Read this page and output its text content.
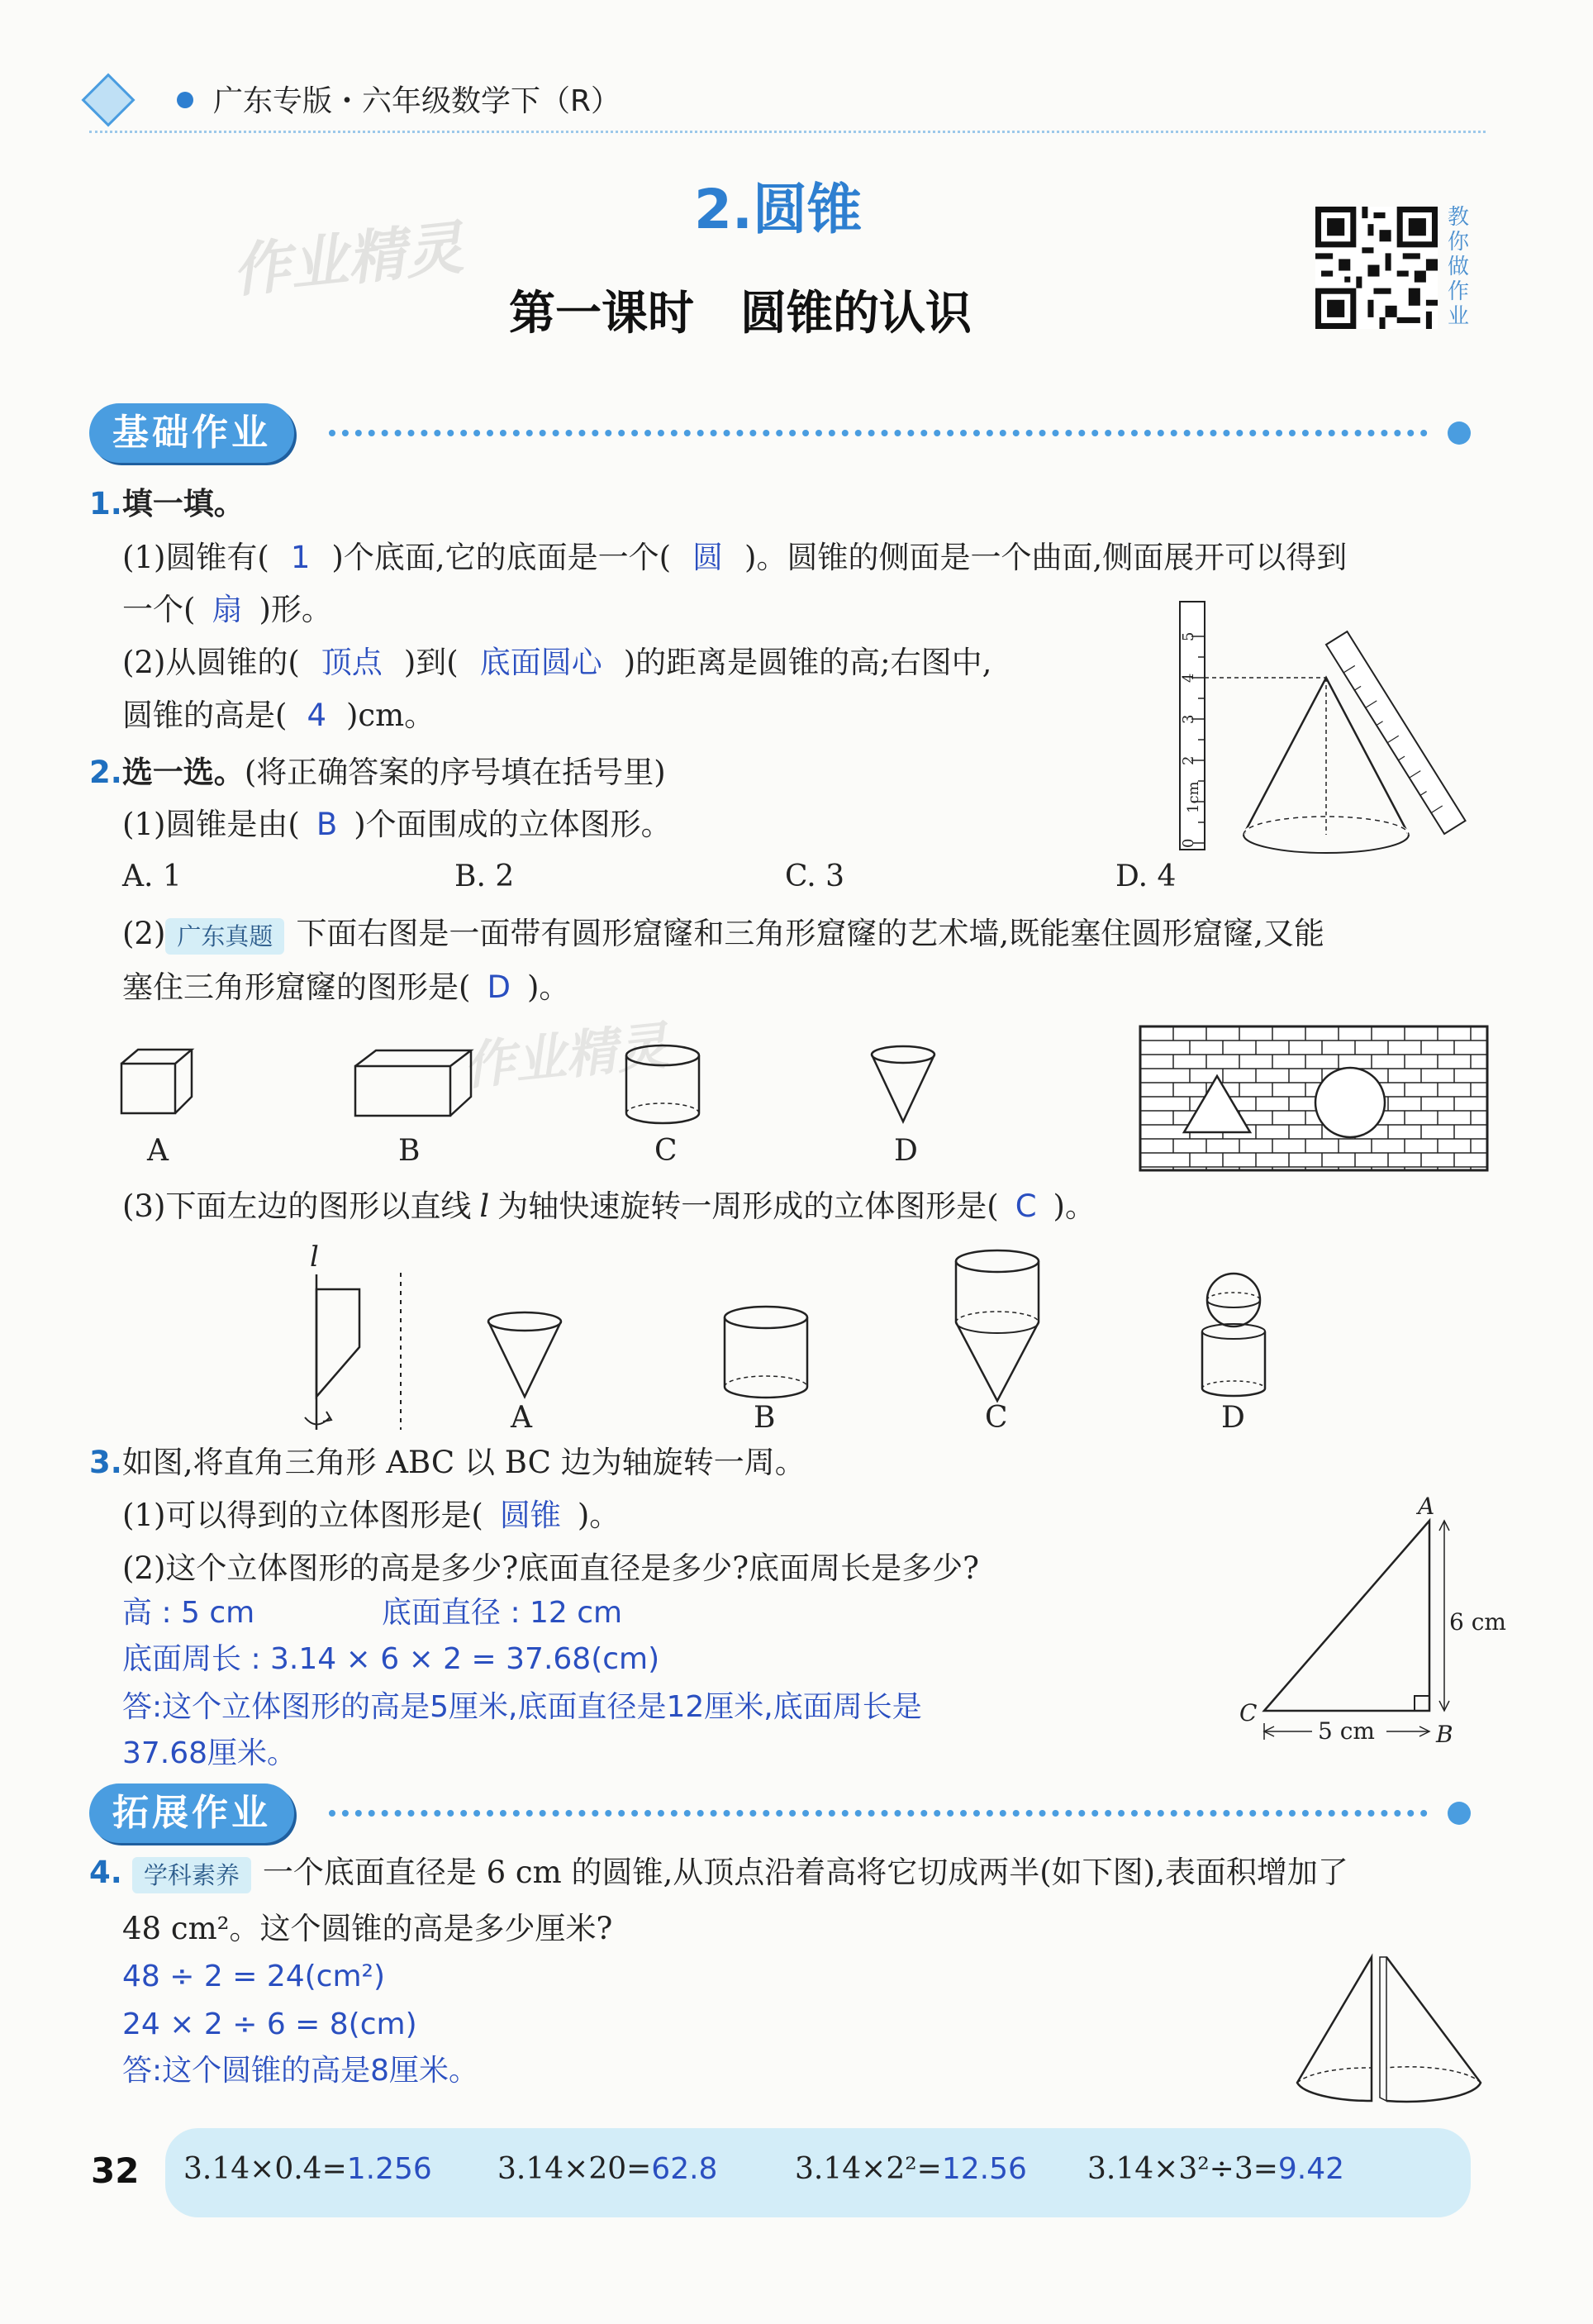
广东专版・六年级数学下（R）
作业精灵
作业精灵
2.圆锥
第一课时　圆锥的认识
教你做作业
基础作业
1.填一填。
(1)圆锥有( 1 )个底面,它的底面是一个( 圆 )。圆锥的侧面是一个曲面,侧面展开可以得到
一个( 扇 )形。
(2)从圆锥的( 顶点 )到( 底面圆心 )的距离是圆锥的高;右图中,
圆锥的高是( 4 )cm。
5
4
3
2
1cm
0
2.选一选。(将正确答案的序号填在括号里)
(1)圆锥是由( B )个面围成的立体图形。
A. 1	B. 2	C. 3	D. 4
(2) 广东真题 下面右图是一面带有圆形窟窿和三角形窟窿的艺术墙,既能塞住圆形窟窿,又能
塞住三角形窟窿的图形是( D )。
A	B	C	D
(3)下面左边的图形以直线 l 为轴快速旋转一周形成的立体图形是( C )。
l
A	B	C	D
3.如图,将直角三角形 ABC 以 BC 边为轴旋转一周。
(1)可以得到的立体图形是( 圆锥 )。
(2)这个立体图形的高是多少?底面直径是多少?底面周长是多少?
高 : 5 cm	底面直径 : 12 cm
底面周长 : 3.14 × 6 × 2 = 37.68(cm)
答:这个立体图形的高是5厘米,底面直径是12厘米,底面周长是
37.68厘米。
A
B
C
6 cm
5 cm
拓展作业
4. 学科素养 一个底面直径是 6 cm 的圆锥,从顶点沿着高将它切成两半(如下图),表面积增加了
48 cm²。这个圆锥的高是多少厘米?
48 ÷ 2 = 24(cm²)
24 × 2 ÷ 6 = 8(cm)
答:这个圆锥的高是8厘米。
32 3.14×0.4=1.256 3.14×20=62.8	3.14×2²=12.56 3.14×3²÷3=9.42
